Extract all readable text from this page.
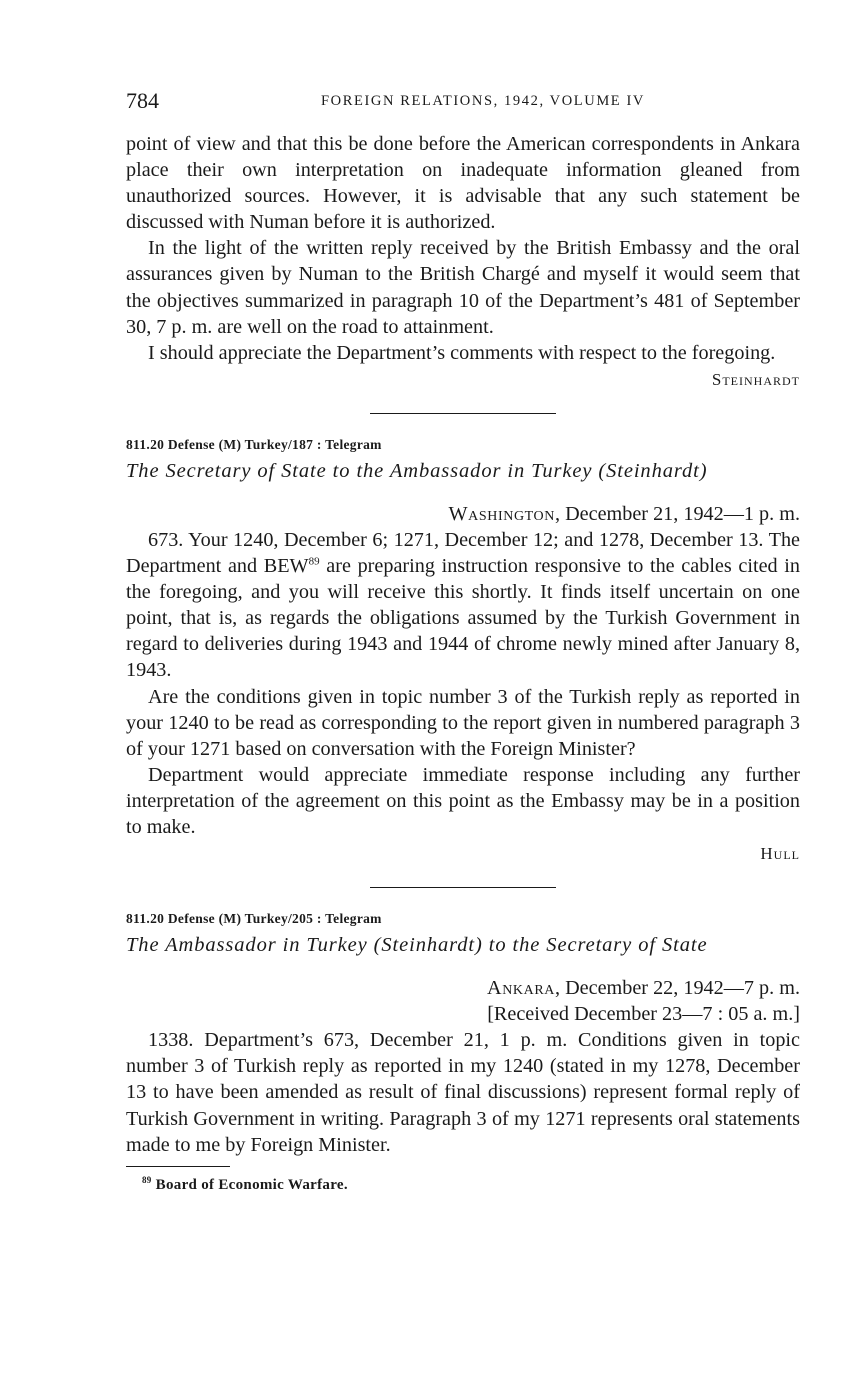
784	FOREIGN RELATIONS, 1942, VOLUME IV

point of view and that this be done before the American correspondents in Ankara place their own interpretation on inadequate information gleaned from unauthorized sources. However, it is advisable that any such statement be discussed with Numan before it is authorized.

In the light of the written reply received by the British Embassy and the oral assurances given by Numan to the British Chargé and myself it would seem that the objectives summarized in paragraph 10 of the Department’s 481 of September 30, 7 p. m. are well on the road to attainment.

I should appreciate the Department’s comments with respect to the foregoing.

Steinhardt
811.20 Defense (M) Turkey/187 : Telegram
The Secretary of State to the Ambassador in Turkey (Steinhardt)
Washington, December 21, 1942—1 p. m.

673. Your 1240, December 6; 1271, December 12; and 1278, December 13. The Department and BEW$^{89}$ are preparing instruction responsive to the cables cited in the foregoing, and you will receive this shortly. It finds itself uncertain on one point, that is, as regards the obligations assumed by the Turkish Government in regard to deliveries during 1943 and 1944 of chrome newly mined after January 8, 1943.

Are the conditions given in topic number 3 of the Turkish reply as reported in your 1240 to be read as corresponding to the report given in numbered paragraph 3 of your 1271 based on conversation with the Foreign Minister?

Department would appreciate immediate response including any further interpretation of the agreement on this point as the Embassy may be in a position to make.

Hull
811.20 Defense (M) Turkey/205 : Telegram
The Ambassador in Turkey (Steinhardt) to the Secretary of State
Ankara, December 22, 1942—7 p. m.
[Received December 23—7 : 05 a. m.]

1338. Department’s 673, December 21, 1 p. m. Conditions given in topic number 3 of Turkish reply as reported in my 1240 (stated in my 1278, December 13 to have been amended as result of final discussions) represent formal reply of Turkish Government in writing. Paragraph 3 of my 1271 represents oral statements made to me by Foreign Minister.

$^{89}$ Board of Economic Warfare.
